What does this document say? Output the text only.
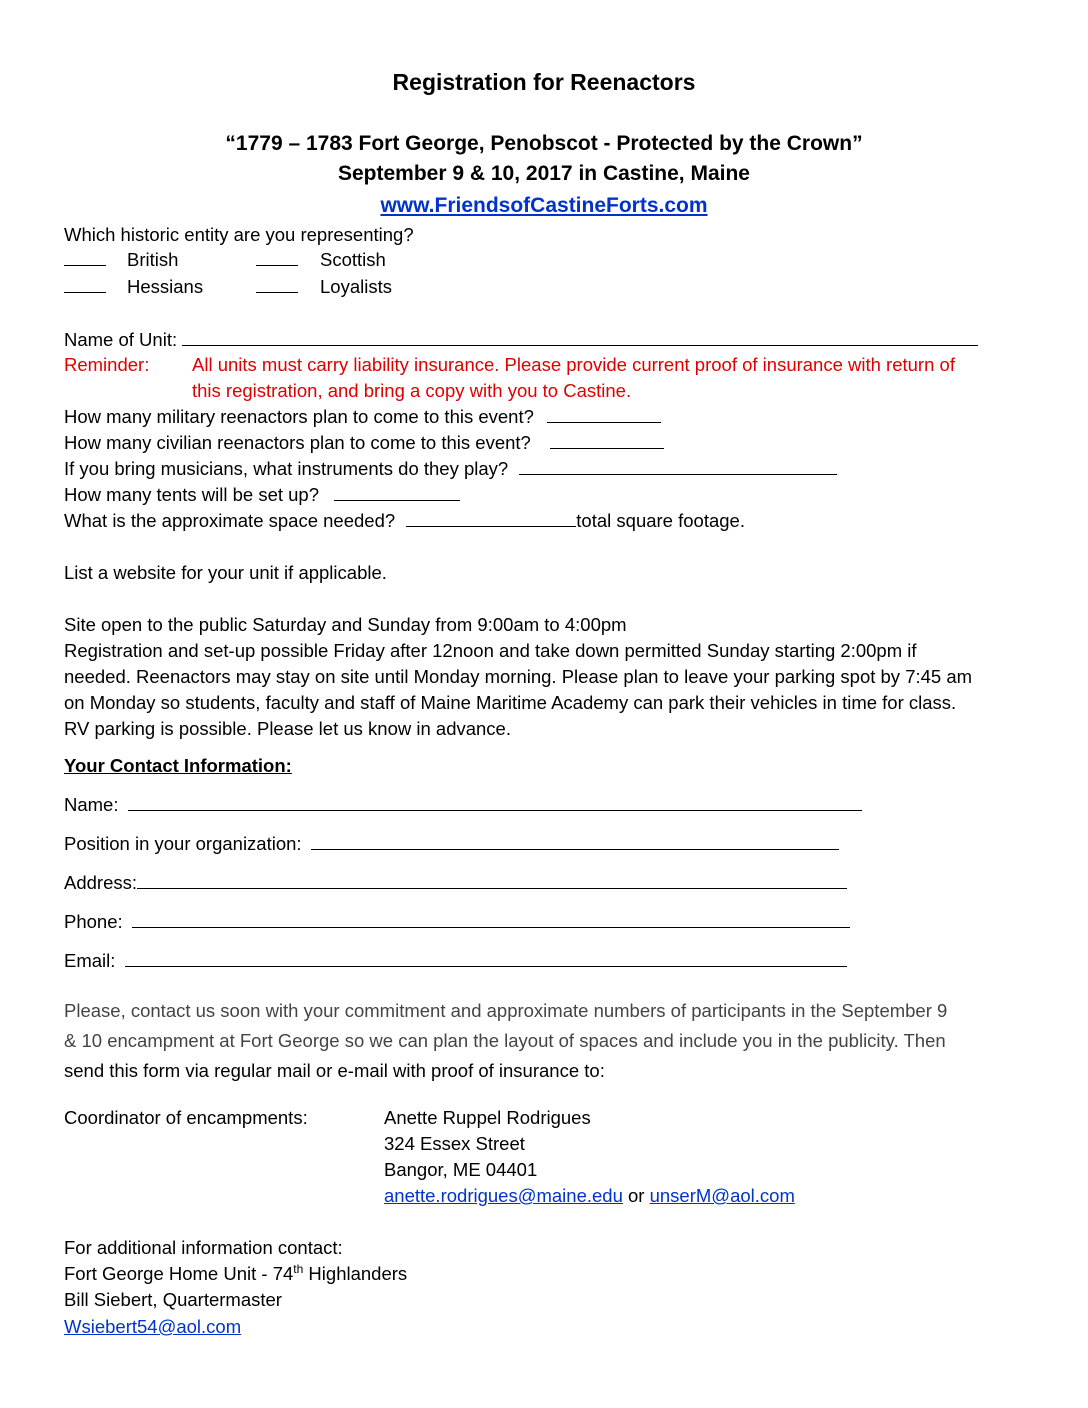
Registration for Reenactors
“1779 – 1783 Fort George, Penobscot - Protected by the Crown”
September 9 & 10, 2017 in Castine, Maine
www.FriendsofCastineForts.com
Which historic entity are you representing?
British	Scottish
Hessians	Loyalists
Name of Unit:
Reminder: All units must carry liability insurance. Please provide current proof of insurance with return of
this registration, and bring a copy with you to Castine.
How many military reenactors plan to come to this event?
How many civilian reenactors plan to come to this event?
If you bring musicians, what instruments do they play?
How many tents will be set up?
What is the approximate space needed?	total square footage.
List a website for your unit if applicable.
Site open to the public Saturday and Sunday from 9:00am to 4:00pm
Registration and set-up possible Friday after 12noon and take down permitted Sunday starting 2:00pm if
needed. Reenactors may stay on site until Monday morning. Please plan to leave your parking spot by 7:45 am
on Monday so students, faculty and staff of Maine Maritime Academy can park their vehicles in time for class.
RV parking is possible. Please let us know in advance.
Your Contact Information:
Name:
Position in your organization:
Address:
Phone:
Email:
Please, contact us soon with your commitment and approximate numbers of participants in the September 9
& 10 encampment at Fort George so we can plan the layout of spaces and include you in the publicity. Then
send this form via regular mail or e-mail with proof of insurance to:
Coordinator of encampments:	Anette Ruppel Rodrigues
324 Essex Street
Bangor, ME 04401
anette.rodrigues@maine.edu or unserM@aol.com
For additional information contact:
Fort George Home Unit - 74th Highlanders
Bill Siebert, Quartermaster
Wsiebert54@aol.com
